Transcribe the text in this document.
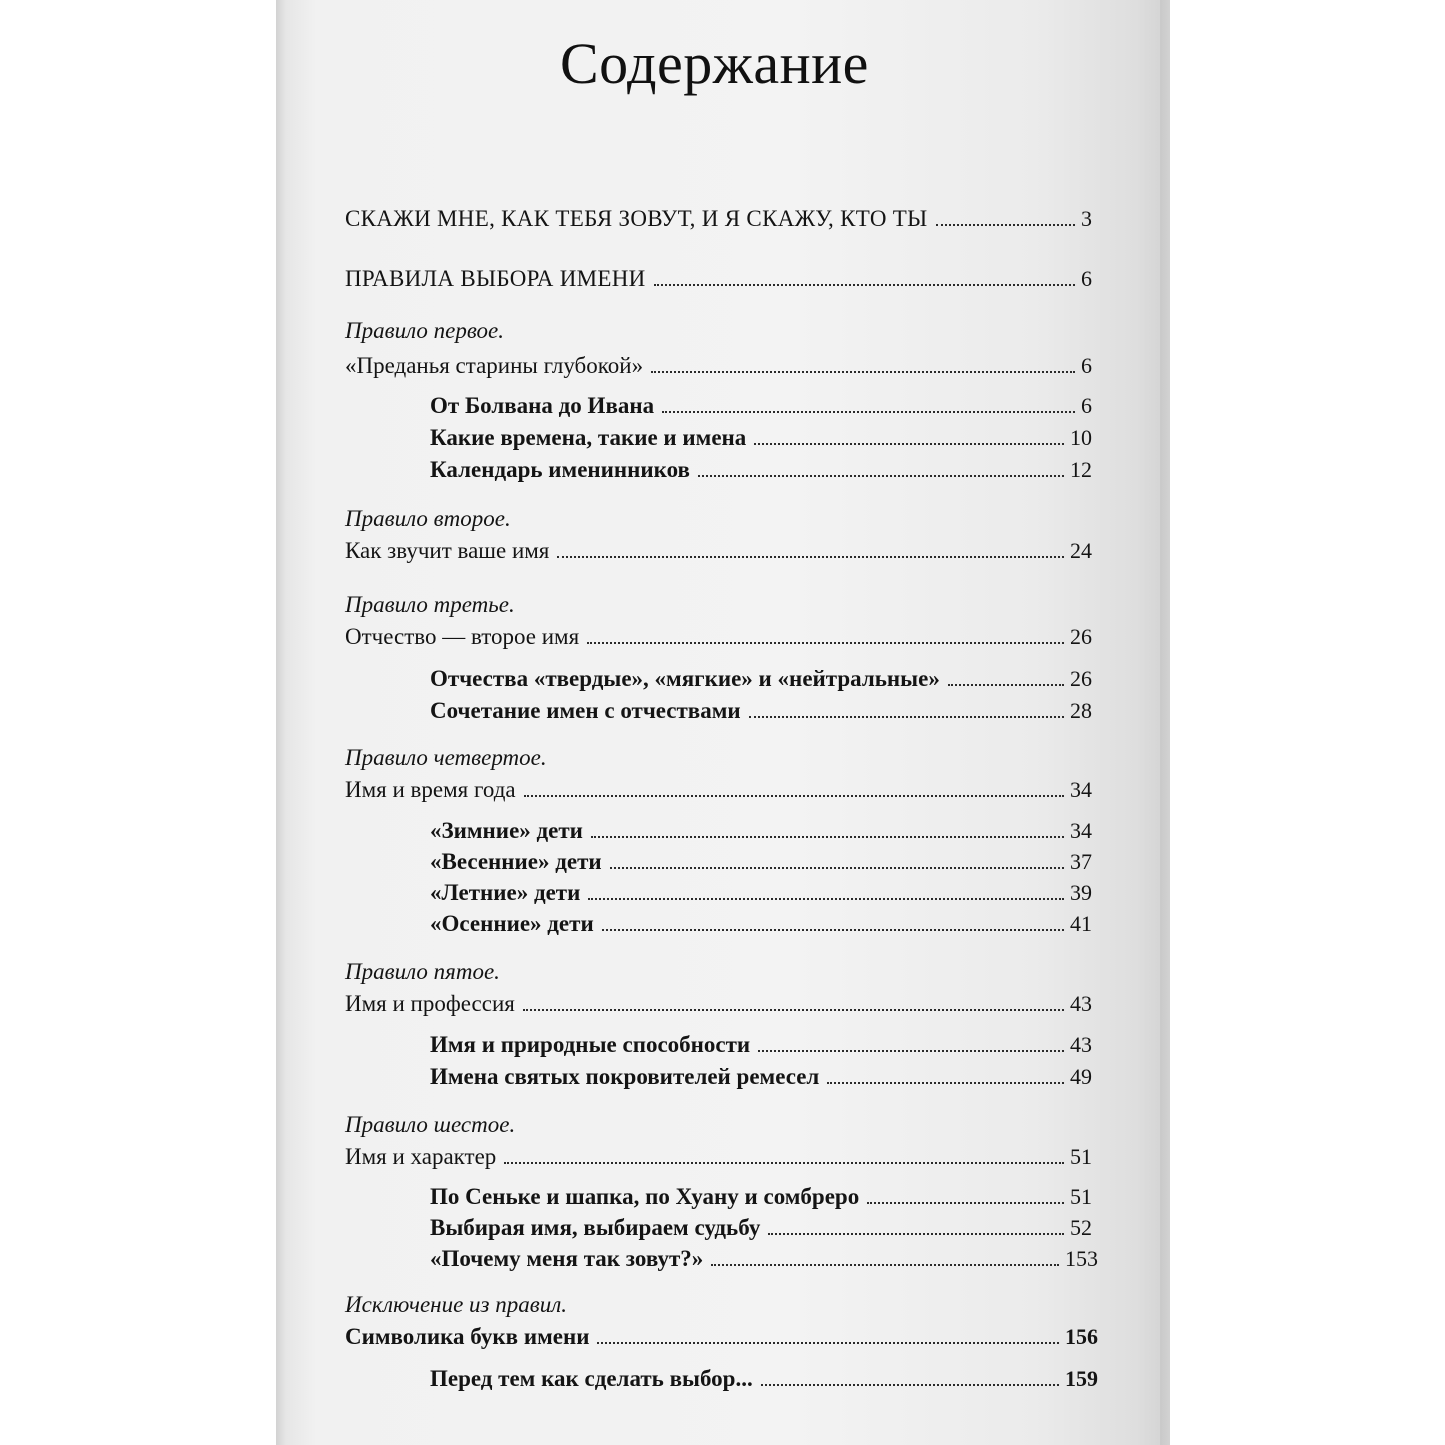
Содержание
СКАЖИ МНЕ, КАК ТЕБЯ ЗОВУТ, И Я СКАЖУ, КТО ТЫ	3
ПРАВИЛА ВЫБОРА ИМЕНИ	6
Правило первое.
«Преданья старины глубокой»	6
От Болвана до Ивана	6
Какие времена, такие и имена	10
Календарь именинников	12
Правило второе.
Как звучит ваше имя	24
Правило третье.
Отчество — второе имя	26
Отчества «твердые», «мягкие» и «нейтральные»	26
Сочетание имен с отчествами	28
Правило четвертое.
Имя и время года	34
«Зимние» дети	34
«Весенние» дети	37
«Летние» дети	39
«Осенние» дети	41
Правило пятое.
Имя и профессия	43
Имя и природные способности	43
Имена святых покровителей ремесел	49
Правило шестое.
Имя и характер	51
По Сеньке и шапка, по Хуану и сомбреро	51
Выбирая имя, выбираем судьбу	52
«Почему меня так зовут?»	153
Исключение из правил.
Символика букв имени	156
Перед тем как сделать выбор...	159
